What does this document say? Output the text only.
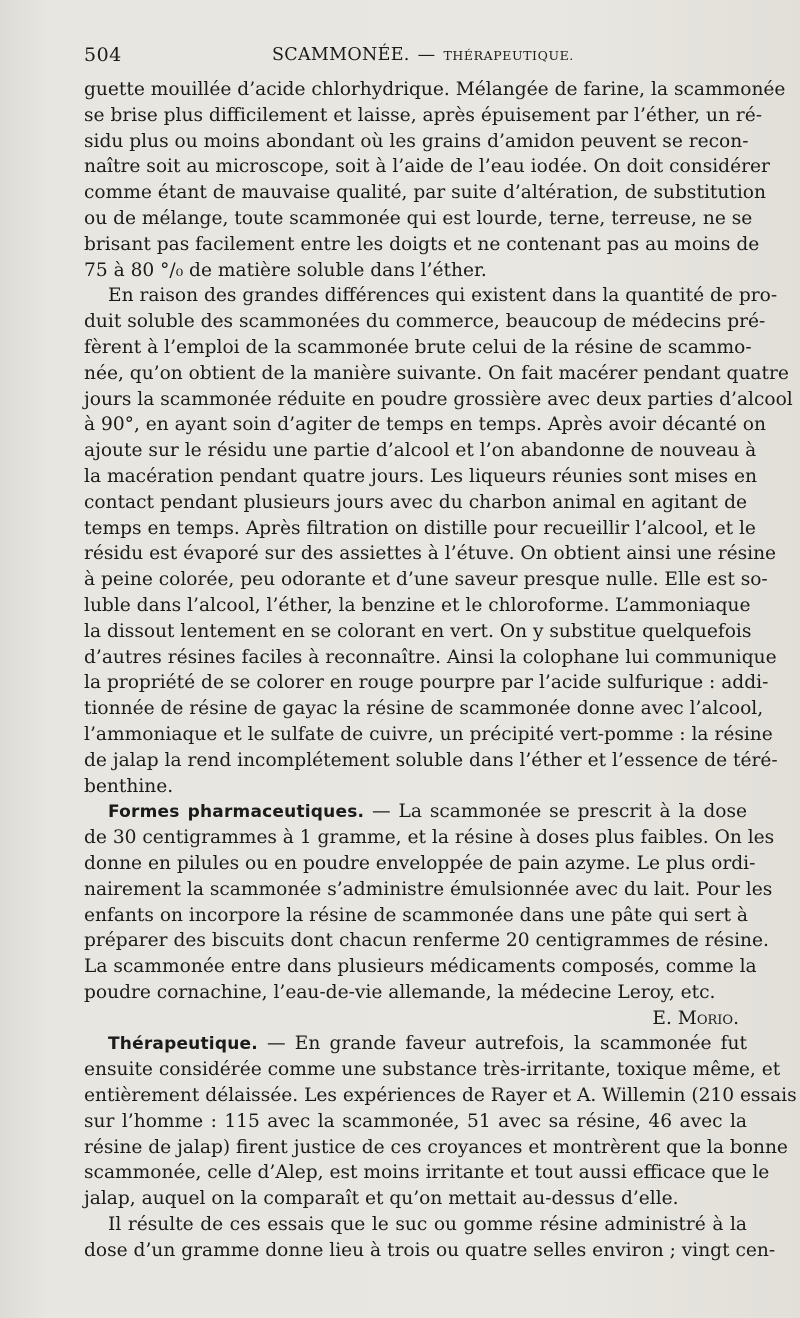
504	SCAMMONÉE. — THÉRAPEUTIQUE.
guette mouillée d’acide chlorhydrique. Mélangée de farine, la scammonée
se brise plus difficilement et laisse, après épuisement par l’éther, un ré-
sidu plus ou moins abondant où les grains d’amidon peuvent se recon-
naître soit au microscope, soit à l’aide de l’eau iodée. On doit considérer
comme étant de mauvaise qualité, par suite d’altération, de substitution
ou de mélange, toute scammonée qui est lourde, terne, terreuse, ne se
brisant pas facilement entre les doigts et ne contenant pas au moins de
75 à 80 °/₀ de matière soluble dans l’éther.
En raison des grandes différences qui existent dans la quantité de pro-
duit soluble des scammonées du commerce, beaucoup de médecins pré-
fèrent à l’emploi de la scammonée brute celui de la résine de scammo-
née, qu’on obtient de la manière suivante. On fait macérer pendant quatre
jours la scammonée réduite en poudre grossière avec deux parties d’alcool
à 90°, en ayant soin d’agiter de temps en temps. Après avoir décanté on
ajoute sur le résidu une partie d’alcool et l’on abandonne de nouveau à
la macération pendant quatre jours. Les liqueurs réunies sont mises en
contact pendant plusieurs jours avec du charbon animal en agitant de
temps en temps. Après filtration on distille pour recueillir l’alcool, et le
résidu est évaporé sur des assiettes à l’étuve. On obtient ainsi une résine
à peine colorée, peu odorante et d’une saveur presque nulle. Elle est so-
luble dans l’alcool, l’éther, la benzine et le chloroforme. L’ammoniaque
la dissout lentement en se colorant en vert. On y substitue quelquefois
d’autres résines faciles à reconnaître. Ainsi la colophane lui communique
la propriété de se colorer en rouge pourpre par l’acide sulfurique : addi-
tionnée de résine de gayac la résine de scammonée donne avec l’alcool,
l’ammoniaque et le sulfate de cuivre, un précipité vert-pomme : la résine
de jalap la rend incomplétement soluble dans l’éther et l’essence de téré-
benthine.
Formes pharmaceutiques. — La scammonée se prescrit à la dose
de 30 centigrammes à 1 gramme, et la résine à doses plus faibles. On les
donne en pilules ou en poudre enveloppée de pain azyme. Le plus ordi-
nairement la scammonée s’administre émulsionnée avec du lait. Pour les
enfants on incorpore la résine de scammonée dans une pâte qui sert à
préparer des biscuits dont chacun renferme 20 centigrammes de résine.
La scammonée entre dans plusieurs médicaments composés, comme la
poudre cornachine, l’eau-de-vie allemande, la médecine Leroy, etc.
E. Morio.
Thérapeutique. — En grande faveur autrefois, la scammonée fut
ensuite considérée comme une substance très-irritante, toxique même, et
entièrement délaissée. Les expériences de Rayer et A. Willemin (210 essais
sur l’homme : 115 avec la scammonée, 51 avec sa résine, 46 avec la
résine de jalap) firent justice de ces croyances et montrèrent que la bonne
scammonée, celle d’Alep, est moins irritante et tout aussi efficace que le
jalap, auquel on la comparaît et qu’on mettait au-dessus d’elle.
Il résulte de ces essais que le suc ou gomme résine administré à la
dose d’un gramme donne lieu à trois ou quatre selles environ ; vingt cen-
